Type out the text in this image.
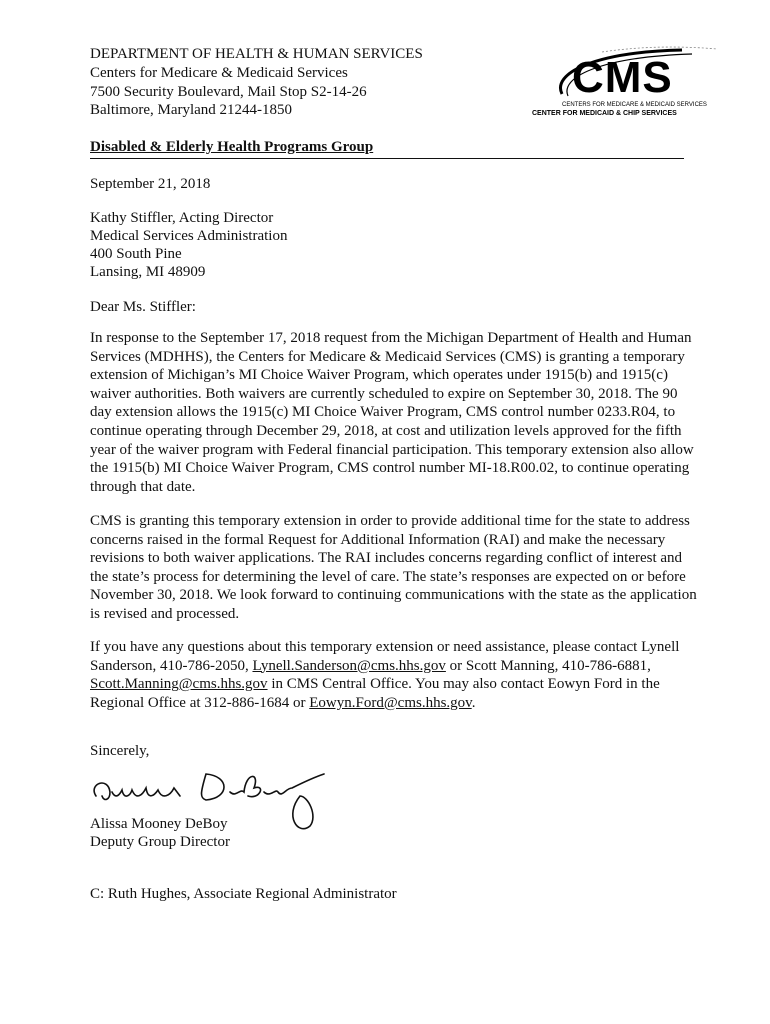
DEPARTMENT OF HEALTH & HUMAN SERVICES
Centers for Medicare & Medicaid Services
7500 Security Boulevard, Mail Stop S2-14-26
Baltimore, Maryland 21244-1850
CMS
CENTERS FOR MEDICARE & MEDICAID SERVICES
CENTER FOR MEDICAID & CHIP SERVICES
Disabled & Elderly Health Programs Group
September 21, 2018
Kathy Stiffler, Acting Director
Medical Services Administration
400 South Pine
Lansing, MI 48909
Dear Ms. Stiffler:
In response to the September 17, 2018 request from the Michigan Department of Health and Human Services (MDHHS), the Centers for Medicare & Medicaid Services (CMS) is granting a temporary extension of Michigan’s MI Choice Waiver Program, which operates under 1915(b) and 1915(c) waiver authorities. Both waivers are currently scheduled to expire on September 30, 2018. The 90 day extension allows the 1915(c) MI Choice Waiver Program, CMS control number 0233.R04, to continue operating through December 29, 2018, at cost and utilization levels approved for the fifth year of the waiver program with Federal financial participation. This temporary extension also allow the 1915(b) MI Choice Waiver Program, CMS control number MI-18.R00.02, to continue operating through that date.
CMS is granting this temporary extension in order to provide additional time for the state to address concerns raised in the formal Request for Additional Information (RAI) and make the necessary revisions to both waiver applications. The RAI includes concerns regarding conflict of interest and the state’s process for determining the level of care. The state’s responses are expected on or before November 30, 2018. We look forward to continuing communications with the state as the application is revised and processed.
If you have any questions about this temporary extension or need assistance, please contact Lynell Sanderson, 410-786-2050, Lynell.Sanderson@cms.hhs.gov or Scott Manning, 410-786-6881, Scott.Manning@cms.hhs.gov in CMS Central Office. You may also contact Eowyn Ford in the Regional Office at 312-886-1684 or Eowyn.Ford@cms.hhs.gov.
Sincerely,
Alissa Mooney DeBoy
Deputy Group Director
C: Ruth Hughes, Associate Regional Administrator
